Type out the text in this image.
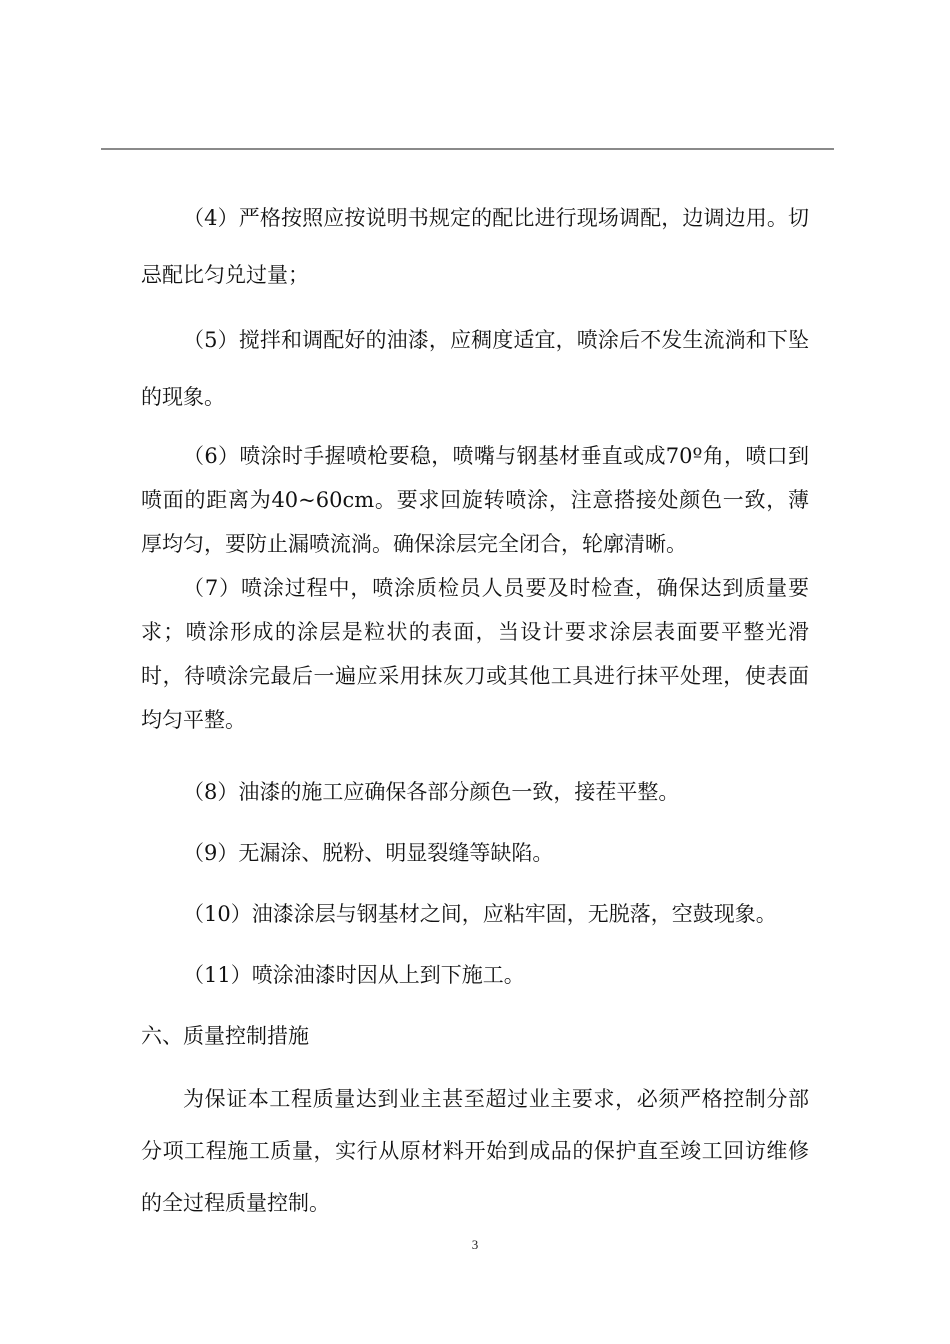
（4）严格按照应按说明书规定的配比进行现场调配，边调边用。切忌配比匀兑过量；

（5）搅拌和调配好的油漆，应稠度适宜，喷涂后不发生流淌和下坠的现象。

（6）喷涂时手握喷枪要稳，喷嘴与钢基材垂直或成70º角，喷口到喷面的距离为40~60cm。要求回旋转喷涂，注意搭接处颜色一致，薄厚均匀，要防止漏喷流淌。确保涂层完全闭合，轮廓清晰。

（7）喷涂过程中，喷涂质检员人员要及时检查，确保达到质量要求；喷涂形成的涂层是粒状的表面，当设计要求涂层表面要平整光滑时，待喷涂完最后一遍应采用抹灰刀或其他工具进行抹平处理，使表面均匀平整。

（8）油漆的施工应确保各部分颜色一致，接茬平整。

（9）无漏涂、脱粉、明显裂缝等缺陷。

（10）油漆涂层与钢基材之间，应粘牢固，无脱落，空鼓现象。

（11）喷涂油漆时因从上到下施工。

六、质量控制措施

为保证本工程质量达到业主甚至超过业主要求，必须严格控制分部分项工程施工质量，实行从原材料开始到成品的保护直至竣工回访维修的全过程质量控制。

3
